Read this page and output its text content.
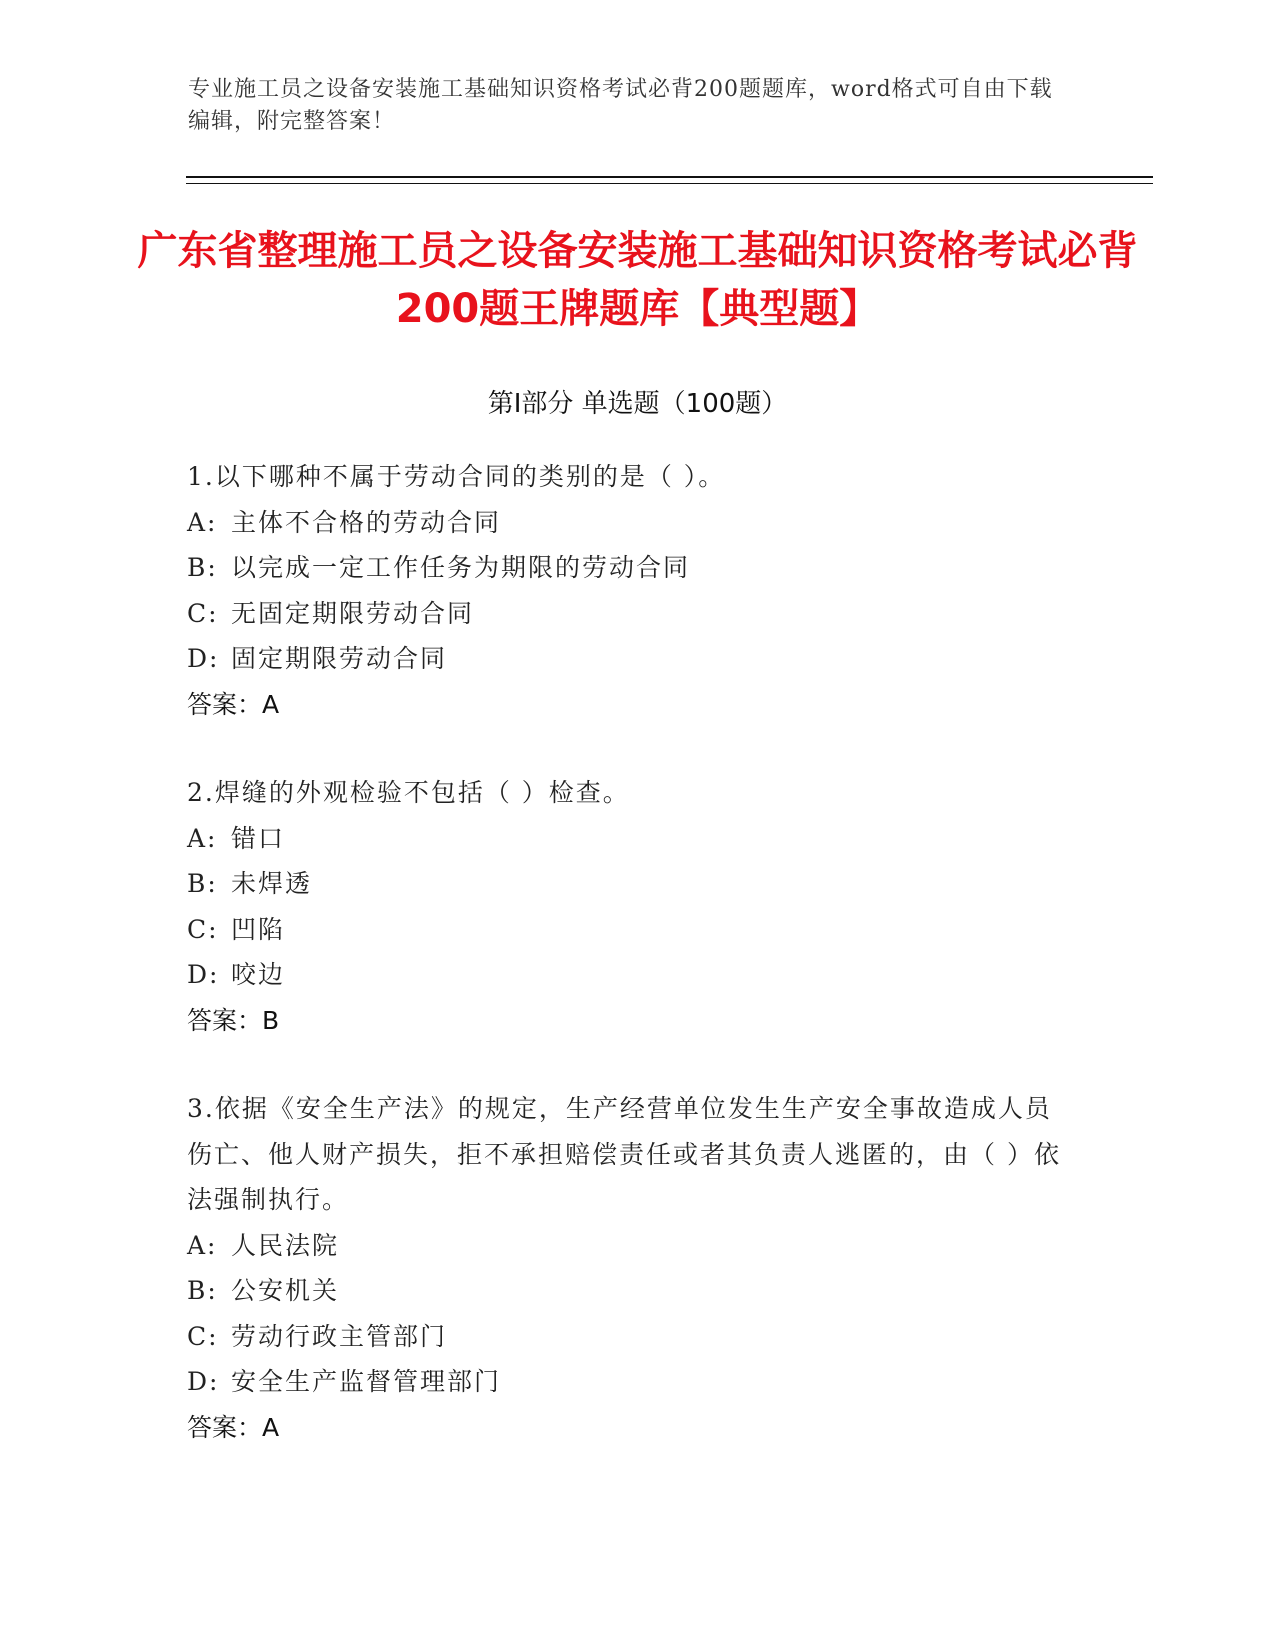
专业施工员之设备安装施工基础知识资格考试必背200题题库，word格式可自由下载编辑，附完整答案！
广东省整理施工员之设备安装施工基础知识资格考试必背200题王牌题库【典型题】
第Ⅰ部分 单选题（100题）
1.以下哪种不属于劳动合同的类别的是（ ）。
A: 主体不合格的劳动合同
B: 以完成一定工作任务为期限的劳动合同
C: 无固定期限劳动合同
D: 固定期限劳动合同
答案：A
2.焊缝的外观检验不包括（ ）检查。
A: 错口
B: 未焊透
C: 凹陷
D: 咬边
答案：B
3.依据《安全生产法》的规定，生产经营单位发生生产安全事故造成人员伤亡、他人财产损失，拒不承担赔偿责任或者其负责人逃匿的，由（ ）依法强制执行。
A: 人民法院
B: 公安机关
C: 劳动行政主管部门
D: 安全生产监督管理部门
答案：A
